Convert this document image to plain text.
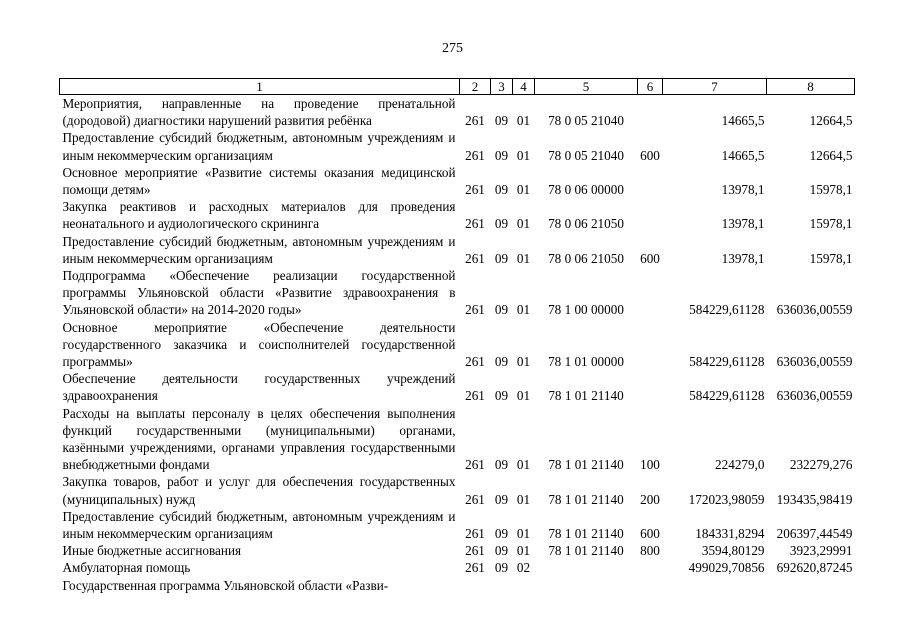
275
1	2	3	4	5	6	7	8
Мероприятия, направленные на проведение пренатальной (дородовой) диагностики нарушений развития ребёнка	261	09	01	78 0 05 21040		14665,5	12664,5
Предоставление субсидий бюджетным, автономным учреждениям и иным некоммерческим организациям	261	09	01	78 0 05 21040	600	14665,5	12664,5
Основное мероприятие «Развитие системы оказания медицинской помощи детям»	261	09	01	78 0 06 00000		13978,1	15978,1
Закупка реактивов и расходных материалов для проведения неонатального и аудиологического скрининга	261	09	01	78 0 06 21050		13978,1	15978,1
Предоставление субсидий бюджетным, автономным учреждениям и иным некоммерческим организациям	261	09	01	78 0 06 21050	600	13978,1	15978,1
Подпрограмма «Обеспечение реализации государственной программы Ульяновской области «Развитие здравоохранения в Ульяновской области» на 2014-2020 годы»	261	09	01	78 1 00 00000		584229,61128	636036,00559
Основное мероприятие «Обеспечение деятельности государственного заказчика и соисполнителей государственной программы»	261	09	01	78 1 01 00000		584229,61128	636036,00559
Обеспечение деятельности государственных учреждений здравоохранения	261	09	01	78 1 01 21140		584229,61128	636036,00559
Расходы на выплаты персоналу в целях обеспечения выполнения функций государственными (муниципальными) органами, казёнными учреждениями, органами управления государственными внебюджетными фондами	261	09	01	78 1 01 21140	100	224279,0	232279,276
Закупка товаров, работ и услуг для обеспечения государственных (муниципальных) нужд	261	09	01	78 1 01 21140	200	172023,98059	193435,98419
Предоставление субсидий бюджетным, автономным учреждениям и иным некоммерческим организациям	261	09	01	78 1 01 21140	600	184331,8294	206397,44549
Иные бюджетные ассигнования	261	09	01	78 1 01 21140	800	3594,80129	3923,29991
Амбулаторная помощь	261	09	02			499029,70856	692620,87245
Государственная программа Ульяновской области «Разви-							
